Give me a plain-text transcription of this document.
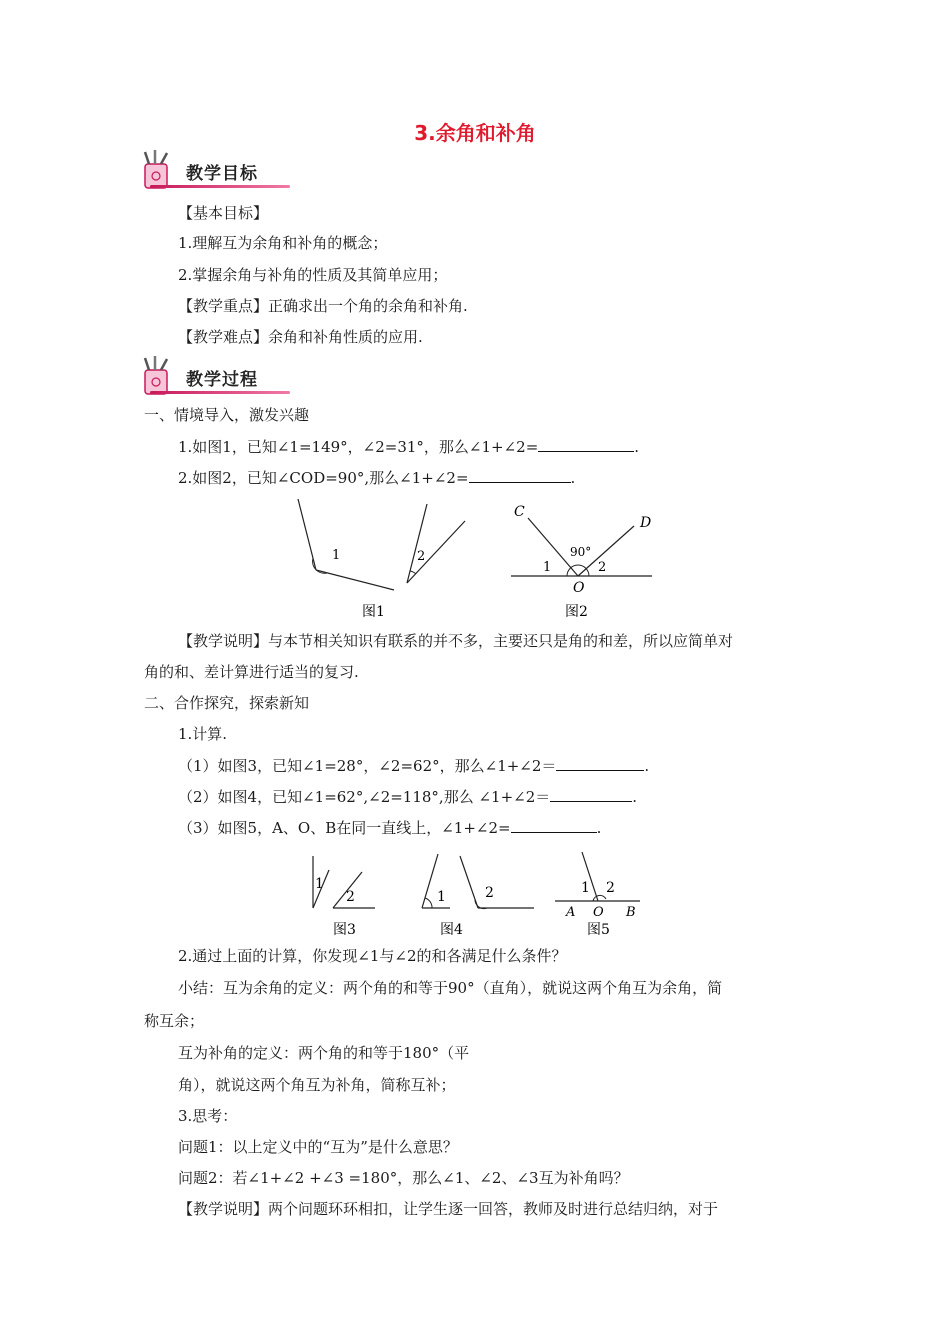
3.余角和补角
教学目标
【基本目标】
1.理解互为余角和补角的概念；
2.掌握余角与补角的性质及其简单应用；
【教学重点】正确求出一个角的余角和补角.
【教学难点】余角和补角性质的应用.
教学过程
一、情境导入，激发兴趣
1.如图1，已知∠1=149°，∠2=31°，那么∠1+∠2=	.
2.如图2，已知∠COD=90°,那么∠1+∠2=	.
1	2
图1
C
D
90°
1	2
O
图2
【教学说明】与本节相关知识有联系的并不多，主要还只是角的和差，所以应简单对
角的和、差计算进行适当的复习.
二、合作探究，探索新知
1.计算.
（1）如图3，已知∠1=28°，∠2=62°，那么∠1+∠2＝	.
（2）如图4，已知∠1=62°,∠2=118°,那么 ∠1+∠2＝	.
（3）如图5，A、O、B在同一直线上，∠1+∠2=	.
1
2
图3
1	2
图4
1 2
A O B
图5
2.通过上面的计算，你发现∠1与∠2的和各满足什么条件？
小结：互为余角的定义：两个角的和等于90°（直角），就说这两个角互为余角，简
称互余；
互为补角的定义：两个角的和等于180°（平
角），就说这两个角互为补角，简称互补；
3.思考：
问题1：以上定义中的“互为”是什么意思？
问题2：若∠1+∠2 +∠3 =180°，那么∠1、∠2、∠3互为补角吗？
【教学说明】两个问题环环相扣，让学生逐一回答，教师及时进行总结归纳，对于
